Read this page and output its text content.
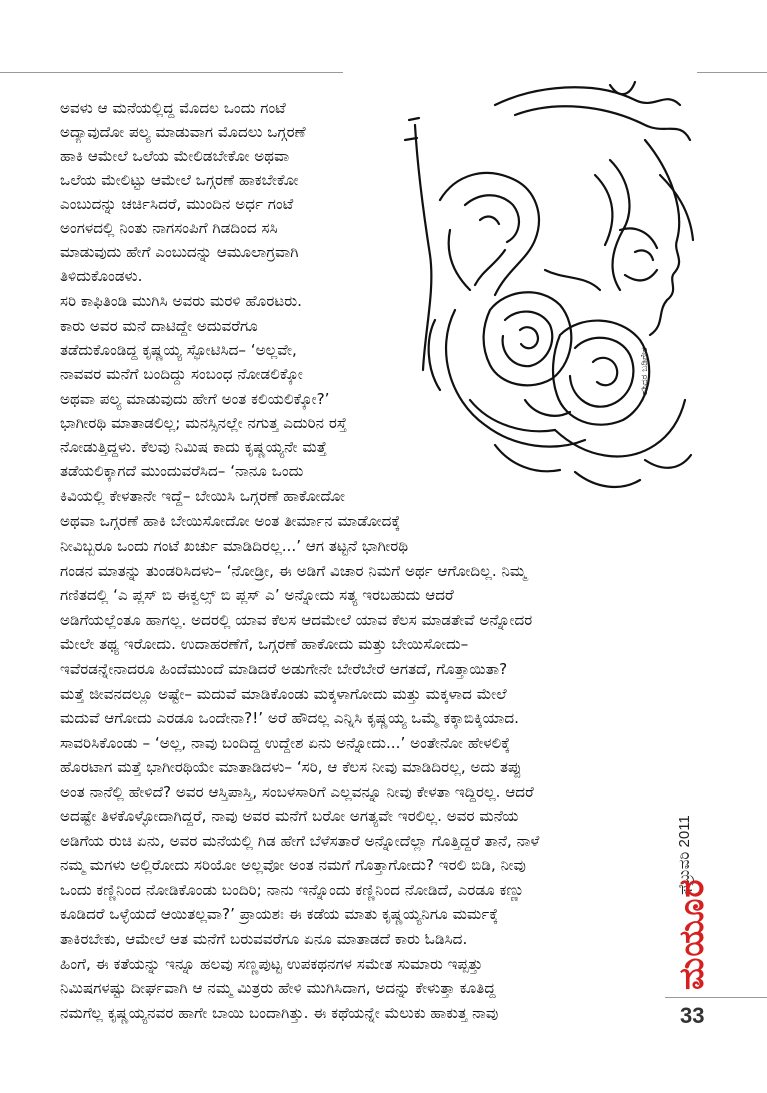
ಅವಳು ಆ ಮನೆಯಲ್ಲಿದ್ದ ಮೊದಲ ಒಂದು ಗಂಟೆ
ಅದ್ಯಾವುದೋ ಪಲ್ಯ ಮಾಡುವಾಗ ಮೊದಲು ಒಗ್ಗರಣೆ
ಹಾಕಿ ಆಮೇಲೆ ಒಲೆಯ ಮೇಲಿಡಬೇಕೋ ಅಥವಾ
ಒಲೆಯ ಮೇಲಿಟ್ಟು ಆಮೇಲೆ ಒಗ್ಗರಣೆ ಹಾಕಬೇಕೋ
ಎಂಬುದನ್ನು ಚರ್ಚಿಸಿದರೆ, ಮುಂದಿನ ಅರ್ಧ ಗಂಟೆ
ಅಂಗಳದಲ್ಲಿ ನಿಂತು ನಾಗಸಂಪಿಗೆ ಗಿಡದಿಂದ ಸಸಿ
ಮಾಡುವುದು ಹೇಗೆ ಎಂಬುದನ್ನು ಆಮೂಲಾಗ್ರವಾಗಿ
ತಿಳಿದುಕೊಂಡಳು.
ಸರಿ ಕಾಫಿತಿಂಡಿ ಮುಗಿಸಿ ಅವರು ಮರಳಿ ಹೊರಟರು.
ಕಾರು ಅವರ ಮನೆ ದಾಟಿದ್ದೇ ಅದುವರೆಗೂ
ತಡೆದುಕೊಂಡಿದ್ದ ಕೃಷ್ಣಯ್ಯ ಸ್ಫೋಟಿಸಿದ– ‘ಅಲ್ಲವೇ,
ನಾವವರ ಮನೆಗೆ ಬಂದಿದ್ದು ಸಂಬಂಧ ನೋಡಲಿಕ್ಕೋ
ಅಥವಾ ಪಲ್ಯ ಮಾಡುವುದು ಹೇಗೆ ಅಂತ ಕಲಿಯಲಿಕ್ಕೋ?’
ಭಾಗೀರಥಿ ಮಾತಾಡಲಿಲ್ಲ; ಮನಸ್ಸಿನಲ್ಲೇ ನಗುತ್ತ ಎದುರಿನ ರಸ್ತೆ
ನೋಡುತ್ತಿದ್ದಳು. ಕೆಲವು ನಿಮಿಷ ಕಾದು ಕೃಷ್ಣಯ್ಯನೇ ಮತ್ತೆ
ತಡೆಯಲಿಕ್ಕಾಗದೆ ಮುಂದುವರೆಸಿದ– ‘ನಾನೂ ಒಂದು
ಕಿವಿಯಲ್ಲಿ ಕೇಳತಾನೇ ಇದ್ದೆ– ಬೇಯಿಸಿ ಒಗ್ಗರಣೆ ಹಾಕೋದೋ
ಅಥವಾ ಒಗ್ಗರಣೆ ಹಾಕಿ ಬೇಯಿಸೋದೋ ಅಂತ ತೀರ್ಮಾನ ಮಾಡೋದಕ್ಕೆ
ನೀವಿಬ್ಬರೂ ಒಂದು ಗಂಟೆ ಖರ್ಚು ಮಾಡಿದಿರಲ್ಲ...’ ಆಗ ತಟ್ಟನೆ ಭಾಗೀರಥಿ
ಗಂಡನ ಮಾತನ್ನು ತುಂಡರಿಸಿದಳು– ‘ನೋಡ್ರೀ, ಈ ಅಡಿಗೆ ವಿಚಾರ ನಿಮಗೆ ಅರ್ಥ ಆಗೋದಿಲ್ಲ. ನಿಮ್ಮ
ಗಣಿತದಲ್ಲಿ ‘ಎ ಪ್ಲಸ್ ಬಿ ಈಕ್ವಲ್ಸ್ ಬಿ ಪ್ಲಸ್ ಎ’ ಅನ್ನೋದು ಸತ್ಯ ಇರಬಹುದು ಆದರೆ
ಅಡಿಗೆಯಲ್ಲೆಂತೂ ಹಾಗಲ್ಲ. ಅದರಲ್ಲಿ ಯಾವ ಕೆಲಸ ಆದಮೇಲೆ ಯಾವ ಕೆಲಸ ಮಾಡತೇವೆ ಅನ್ನೋದರ
ಮೇಲೇ ತಥ್ಯ ಇರೋದು. ಉದಾಹರಣೆಗೆ, ಒಗ್ಗರಣೆ ಹಾಕೋದು ಮತ್ತು ಬೇಯಿಸೋದು–
ಇವೆರಡನ್ನೇನಾದರೂ ಹಿಂದೆಮುಂದೆ ಮಾಡಿದರೆ ಅಡುಗೇನೇ ಬೇರೆಬೇರೆ ಆಗತದೆ, ಗೊತ್ತಾಯಿತಾ?
ಮತ್ತೆ ಜೀವನದಲ್ಲೂ ಅಷ್ಟೇ– ಮದುವೆ ಮಾಡಿಕೊಂಡು ಮಕ್ಕಳಾಗೋದು ಮತ್ತು ಮಕ್ಕಳಾದ ಮೇಲೆ
ಮದುವೆ ಆಗೋದು ಎರಡೂ ಒಂದೇನಾ?!’ ಅರೆ ಹೌದಲ್ಲ ಎನ್ನಿಸಿ ಕೃಷ್ಣಯ್ಯ ಒಮ್ಮೆ ಕಕ್ಕಾಬಿಕ್ಕಿಯಾದ.
ಸಾವರಿಸಿಕೊಂಡು – ‘ಅಲ್ಲ, ನಾವು ಬಂದಿದ್ದ ಉದ್ದೇಶ ಏನು ಅನ್ನೋದು...’ ಅಂತೇನೋ ಹೇಳಲಿಕ್ಕೆ
ಹೊರಟಾಗ ಮತ್ತೆ ಭಾಗೀರಥಿಯೇ ಮಾತಾಡಿದಳು– ‘ಸರಿ, ಆ ಕೆಲಸ ನೀವು ಮಾಡಿದಿರಲ್ಲ, ಅದು ತಪ್ಪು
ಅಂತ ನಾನೆಲ್ಲಿ ಹೇಳಿದೆ? ಅವರ ಆಸ್ತಿಪಾಸ್ತಿ, ಸಂಬಳಸಾರಿಗೆ ಎಲ್ಲವನ್ನೂ ನೀವು ಕೇಳತಾ ಇದ್ದಿರಲ್ಲ. ಆದರೆ
ಅದಷ್ಟೇ ತಿಳಕೊಳ್ಳೋದಾಗಿದ್ದರೆ, ನಾವು ಅವರ ಮನೆಗೆ ಬರೋ ಅಗತ್ಯವೇ ಇರಲಿಲ್ಲ. ಅವರ ಮನೆಯ
ಅಡಿಗೆಯ ರುಚಿ ಏನು, ಅವರ ಮನೆಯಲ್ಲಿ ಗಿಡ ಹೇಗೆ ಬೆಳೆಸತಾರೆ ಅನ್ನೋದೆಲ್ಲಾ ಗೊತ್ತಿದ್ದರೆ ತಾನೆ, ನಾಳೆ
ನಮ್ಮ ಮಗಳು ಅಲ್ಲಿರೋದು ಸರಿಯೋ ಅಲ್ಲವೋ ಅಂತ ನಮಗೆ ಗೊತ್ತಾಗೋದು? ಇರಲಿ ಬಿಡಿ, ನೀವು
ಒಂದು ಕಣ್ಣಿನಿಂದ ನೋಡಿಕೊಂಡು ಬಂದಿರಿ; ನಾನು ಇನ್ನೊಂದು ಕಣ್ಣಿನಿಂದ ನೋಡಿದೆ, ಎರಡೂ ಕಣ್ಣು
ಕೂಡಿದರೆ ಒಳ್ಳೆಯದೆ ಆಯಿತಲ್ಲವಾ?’ ಪ್ರಾಯಶಃ ಈ ಕಡೆಯ ಮಾತು ಕೃಷ್ಣಯ್ಯನಿಗೂ ಮರ್ಮಕ್ಕೆ
ತಾಕಿರಬೇಕು, ಆಮೇಲೆ ಆತ ಮನೆಗೆ ಬರುವವರೆಗೂ ಏನೂ ಮಾತಾಡದೆ ಕಾರು ಓಡಿಸಿದ.
ಹಿಂಗೆ, ಈ ಕತೆಯನ್ನು ಇನ್ನೂ ಹಲವು ಸಣ್ಣಪುಟ್ಟ ಉಪಕಥನಗಳ ಸಮೇತ ಸುಮಾರು ಇಪ್ಪತ್ತು
ನಿಮಿಷಗಳಷ್ಟು ದೀರ್ಘವಾಗಿ ಆ ನಮ್ಮ ಮಿತ್ರರು ಹೇಳಿ ಮುಗಿಸಿದಾಗ, ಅದನ್ನು ಕೇಳುತ್ತಾ ಕೂತಿದ್ದ
ನಮಗೆಲ್ಲ ಕೃಷ್ಣಯ್ಯನವರ ಹಾಗೇ ಬಾಯಿ ಬಂದಾಗಿತ್ತು. ಈ ಕಥೆಯನ್ನೇ ಮೆಲುಕು ಹಾಕುತ್ತ ನಾವು
ಶಶಿಧರ ಬಡಿಗೇರ
ಫೆಬ್ರುವರಿ 2011
ಮಯೂರ
33
